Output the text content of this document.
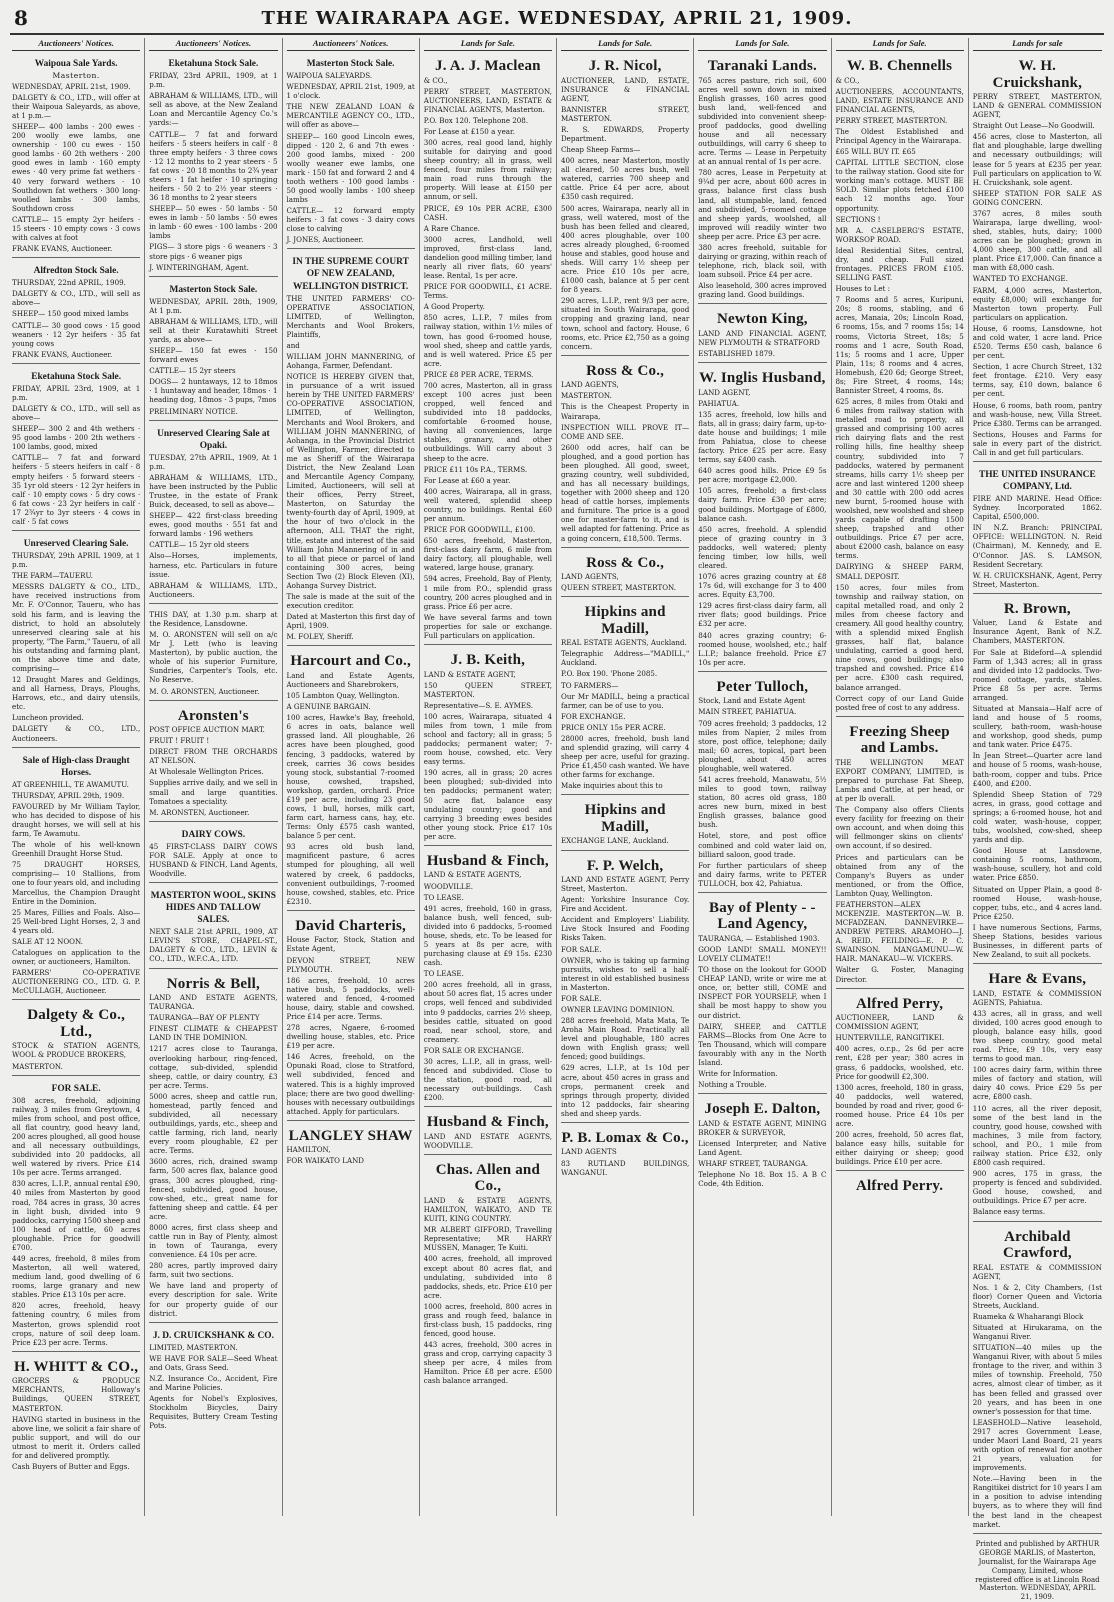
8	THE WAIRARAPA AGE. WEDNESDAY, APRIL 21, 1909.
Auctioneers' Notices.
Waipoua Sale Yards.
Masterton.
WEDNESDAY, APRIL 21st, 1909.
DALGETY & CO., LTD., will offer at their Waipoua Saleyards, as above, at 1 p.m.—
SHEEP— 400 lambs · 200 ewes · 200 woolly ewe lambs, one ownership · 100 cu ewes · 150 good lambs · 60 2th wethers · 200 good ewes in lamb · 160 empty ewes · 40 very prime fat wethers · 40 very forward wethers · 10 Southdown fat wethers · 300 long-woolled lambs · 300 lambs, Southdown cross
CATTLE— 15 empty 2yr heifers · 15 steers · 10 empty cows · 3 cows with calves at foot
FRANK EVANS, Auctioneer.
Alfredton Stock Sale.
THURSDAY, 22nd APRIL, 1909.
DALGETY & CO., LTD., will sell as above—
SHEEP— 150 good mixed lambs
CATTLE— 30 good cows · 15 good weaners · 12 2yr heifers · 35 fat young cows
FRANK EVANS, Auctioneer.
Eketahuna Stock Sale.
FRIDAY, APRIL 23rd, 1909, at 1 p.m.
DALGETY & CO., LTD., will sell as above—
SHEEP— 300 2 and 4th wethers · 95 good lambs · 200 2th wethers · 100 lambs, good, mixed
CATTLE— 7 fat and forward heifers · 5 steers heifers in calf · 8 empty heifers · 5 forward steers · 35 1yr old steers · 12 2yr heifers in calf · 10 empty cows · 5 dry cows · 6 fat cows · 23 2yr heifers in calf · 17 2¾yr to 3yr steers · 4 cows in calf · 5 fat cows
Unreserved Clearing Sale.
THURSDAY, 29th APRIL 1909, at 1 p.m.
THE FARM—TAUERU.
MESSRS DALGETY & CO., LTD., have received instructions from Mr. F. O'Connor, Taueru, who has sold his farm, and is leaving the district, to hold an absolutely unreserved clearing sale at his property, "The Farm," Taueru, of all his outstanding and farming plant, on the above time and date, comprising—
12 Draught Mares and Geldings, and all Harness, Drays, Ploughs, Harrows, etc., and dairy utensils, etc.
Luncheon provided.
DALGETY & CO., LTD., Auctioneers.
Sale of High-class Draught Horses.
AT GREENHILL, TE AWAMUTU.
THURSDAY, APRIL 29th, 1909.
FAVOURED by Mr William Taylor, who has decided to dispose of his draught horses, we will sell at his farm, Te Awamutu.
The whole of his well-known Greenhill Draught Horse Stud.
75 DRAUGHT HORSES, comprising— 10 Stallions, from one to four years old, and including Marcellus, the Champion Draught Entire in the Dominion.
25 Mares, Fillies and Foals. Also— 25 Well-bred Light Horses, 2, 3 and 4 years old.
SALE AT 12 NOON.
Catalogues on application to the owner, or auctioneers, Hamilton.
FARMERS' CO-OPERATIVE AUCTIONEERING CO., LTD. G. P. McCULLAGH, Auctioneer.
Dalgety & Co., Ltd.,
STOCK & STATION AGENTS, WOOL & PRODUCE BROKERS,
MASTERTON.
FOR SALE.
308 acres, freehold, adjoining railway, 3 miles from Greytown, 4 miles from school, and post office, all flat country, good heavy land, 200 acres ploughed, all good house and all necessary outbuildings, subdivided into 20 paddocks, all well watered by rivers. Price £14 10s per acre. Terms arranged.
830 acres, L.I.P., annual rental £90, 40 miles from Masterton by good road, 784 acres in grass, 30 acres in light bush, divided into 9 paddocks, carrying 1500 sheep and 100 head of cattle, 60 acres ploughable. Price for goodwill £700.
449 acres, freehold, 8 miles from Masterton, all well watered, medium land, good dwelling of 6 rooms, large granary and new stables. Price £13 10s per acre.
820 acres, freehold, heavy fattening country, 6 miles from Masterton, grows splendid root crops, nature of soil deep loam. Price £23 per acre. Terms.
H. WHITT & CO.,
GROCERS & PRODUCE MERCHANTS, Holloway's Buildings, QUEEN STREET, MASTERTON.
HAVING started in business in the above line, we solicit a fair share of public support, and will do our utmost to merit it. Orders called for and delivered promptly.
Cash Buyers of Butter and Eggs.
Auctioneers' Notices.
Eketahuna Stock Sale.
FRIDAY, 23rd APRIL, 1909, at 1 p.m.
ABRAHAM & WILLIAMS, LTD., will sell as above, at the New Zealand Loan and Mercantile Agency Co.'s yards:—
CATTLE— 7 fat and forward heifers · 5 steers heifers in calf · 8 three empty heifers · 3 three cows · 12 12 months to 2 year steers · 5 fat cows · 20 18 months to 2¾ year steers · 1 fat heifer · 10 springing heifers · 50 2 to 2½ year steers · 36 18 months to 2 year steers
SHEEP— 50 ewes · 50 lambs · 50 ewes in lamb · 50 lambs · 50 ewes in lamb · 60 ewes · 100 lambs · 200 lambs
PIGS— 3 store pigs · 6 weaners · 3 store pigs · 6 weaner pigs
J. WINTERINGHAM, Agent.
Masterton Stock Sale.
WEDNESDAY, APRIL 28th, 1909, At 1 p.m.
ABRAHAM & WILLIAMS, LTD., will sell at their Kuratawhiti Street yards, as above—
SHEEP— 150 fat ewes · 150 forward ewes
CATTLE— 15 2yr steers
DOGS— 2 huntaways, 12 to 18mos · 1 huntaway and header, 18mos · 1 heading dog, 18mos · 3 pups, 7mos
PRELIMINARY NOTICE.
Unreserved Clearing Sale at Opaki.
TUESDAY, 27th APRIL, 1909, At 1 p.m.
ABRAHAM & WILLIAMS, LTD., have been instructed by the Public Trustee, in the estate of Frank Buick, deceased, to sell as above—
SHEEP— 422 first-class breeding ewes, good mouths · 551 fat and forward lambs · 196 wethers
CATTLE— 15 2yr old steers
Also—Horses, implements, harness, etc. Particulars in future issue.
ABRAHAM & WILLIAMS, LTD., Auctioneers.
THIS DAY, at 1.30 p.m. sharp at the Residence, Lansdowne.
M. O. ARONSTEN will sell on a/c Mr J. Lett (who is leaving Masterton), by public auction, the whole of his superior Furniture, Sundries, Carpenter's Tools, etc. No Reserve.
M. O. ARONSTEN, Auctioneer.
Aronsten's
POST OFFICE AUCTION MART.
FRUIT ! FRUIT !
DIRECT FROM THE ORCHARDS AT NELSON.
At Wholesale Wellington Prices.
Supplies arrive daily, and we sell in small and large quantities. Tomatoes a speciality.
M. ARONSTEN, Auctioneer.
DAIRY COWS.
45 FIRST-CLASS DAIRY COWS FOR SALE. Apply at once to HUSBAND & FINCH, Land Agents, Woodville.
MASTERTON WOOL, SKINS HIDES AND TALLOW SALES.
NEXT SALE 21st APRIL, 1909, AT LEVIN'S STORE, CHAPEL-ST., DALGETY & CO., LTD., LEVIN & CO., LTD., W.F.C.A., LTD.
Norris & Bell,
LAND AND ESTATE AGENTS, TAURANGA.
TAURANGA—BAY OF PLENTY
FINEST CLIMATE & CHEAPEST LAND IN THE DOMINION.
1217 acres close to Tauranga, overlooking harbour, ring-fenced, cottage, sub-divided, splendid sheep, cattle, or dairy country, £3 per acre. Terms.
5000 acres, sheep and cattle run, homestead, partly fenced and subdivided, all necessary outbuildings, yards, etc., sheep and cattle farming, rich land, nearly every room ploughable, £2 per acre. Terms.
3600 acres, rich, drained swamp farm, 500 acres flax, balance good grass, 300 acres ploughed, ring-fenced, subdivided, good house, cow-shed, etc., great name for fattening sheep and cattle. £4 per acre.
8000 acres, first class sheep and cattle run in Bay of Plenty, almost in town of Tauranga, every convenience. £4 10s per acre.
280 acres, partly improved dairy farm, suit two sections.
We have land and property of every description for sale. Write for our property guide of our district.
J. D. CRUICKSHANK & CO.
LIMITED, MASTERTON.
WE HAVE FOR SALE—Seed Wheat and Oats, Grass Seed.
N.Z. Insurance Co., Accident, Fire and Marine Policies.
Agents for Nobel's Explosives, Stockholm Bicycles, Dairy Requisites, Buttery Cream Testing Pots.
Auctioneers' Notices.
Masterton Stock Sale.
WAIPOUA SALEYARDS.
WEDNESDAY, APRIL 21st, 1909, at 1 o'clock.
THE NEW ZEALAND LOAN & MERCANTILE AGENCY CO., LTD., will offer as above—
SHEEP— 160 good Lincoln ewes, dipped · 120 2, 6 and 7th ewes · 200 good lambs, mixed · 200 woolly weaner ewe lambs, one mark · 150 fat and forward 2 and 4 tooth wethers · 100 good lambs · 50 good woolly lambs · 100 sheep lambs
CATTLE— 12 forward empty heifers · 3 fat cows · 3 dairy cows close to calving
J. JONES, Auctioneer.
IN THE SUPREME COURT OF NEW ZEALAND, WELLINGTON DISTRICT.
THE UNITED FARMERS' CO-OPERATIVE ASSOCIATION, LIMITED, of Wellington, Merchants and Wool Brokers, Plaintiffs,
and
WILLIAM JOHN MANNERING, of Aohanga, Farmer, Defendant.
NOTICE IS HEREBY GIVEN that, in pursuance of a writ issued herein by THE UNITED FARMERS' CO-OPERATIVE ASSOCIATION, LIMITED, of Wellington, Merchants and Wool Brokers, and WILLIAM JOHN MANNERING, of Aohanga, in the Provincial District of Wellington, Farmer, directed to me as Sheriff of the Wairarapa District, the New Zealand Loan and Mercantile Agency Company, Limited, Auctioneers, will sell at their offices, Perry Street, Masterton, on Saturday the twenty-fourth day of April, 1909, at the hour of two o'clock in the afternoon, ALL THAT the right, title, estate and interest of the said William John Mannering of in and to all that piece or parcel of land containing 300 acres, being Section Two (2) Block Eleven (XI), Aohanga Survey District.
The sale is made at the suit of the execution creditor.
Dated at Masterton this first day of April, 1909.
M. FOLEY, Sheriff.
Harcourt and Co.,
Land and Estate Agents, Auctioneers and Sharebrokers,
105 Lambton Quay, Wellington.
A GENUINE BARGAIN.
100 acres, Hawke's Bay, freehold, 6 acres in oats, balance well grassed land. All ploughable, 26 acres have been ploughed, good fencing, 3 paddocks, watered by creek, carries 36 cows besides young stock, substantial 7-roomed house, cowshed, trapshed, workshop, garden, orchard. Price £19 per acre, including 23 good cows, 1 bull, horses, milk cart, farm cart, harness cans, hay, etc. Terms: Only £575 cash wanted, balance 5 per cent.
93 acres old bush land, magnificent pasture, 6 acres stumped for ploughing, all well watered by creek, 6 paddocks, convenient outbuildings, 7-roomed house, cowshed, stables, etc. Price £2310.
David Charteris,
House Factor, Stock, Station and Estate Agent,
DEVON STREET, NEW PLYMOUTH.
186 acres, freehold, 10 acres native bush, 5 paddocks, well-watered and fenced, 4-roomed house, dairy, stable and cowshed. Price £14 per acre. Terms.
278 acres, Ngaere, 6-roomed dwelling house, stables, etc. Price £19 per acre.
146 Acres, freehold, on the Opunaki Road, close to Stratford, well subdivided, fenced and watered. This is a highly improved place; there are two good dwelling-houses with necessary outbuildings attached. Apply for particulars.
LANGLEY SHAW
HAMILTON,
FOR WAIKATO LAND
Lands for Sale.
J. A. J. Maclean
& CO.,
PERRY STREET, MASTERTON, AUCTIONEERS, LAND, ESTATE & FINANCIAL AGENTS, Masterton.
P.O. Box 120. Telephone 208.
For Lease at £150 a year.
300 acres, real good land, highly suitable for dairying and good sheep country; all in grass, well fenced, four miles from railway; main road runs through the property. Will lease at £150 per annum, or sell.
PRICE, £9 10s PER ACRE, £300 CASH.
A Rare Chance.
3000 acres, Landhold, well improved, first-class land, dandelion good milling timber, land nearly all river flats, 60 years' lease. Rental, 1s per acre.
PRICE FOR GOODWILL, £1 ACRE. Terms.
A Good Property.
850 acres, L.I.P., 7 miles from railway station, within 1½ miles of town, has good 6-roomed house, wool shed, sheep and cattle yards, and is well watered. Price £5 per acre.
PRICE £8 PER ACRE, TERMS.
700 acres, Masterton, all in grass except 100 acres just been cropped, well fenced and subdivided into 18 paddocks, comfortable 6-roomed house, having all conveniences, large stables, granary, and other outbuildings. Will carry about 3 sheep to the acre.
PRICE £11 10s P.A., TERMS.
For Lease at £60 a year.
400 acres, Wairarapa, all in grass, well watered, splendid sheep country, no buildings. Rental £60 per annum.
PRICE FOR GOODWILL, £100.
650 acres, freehold, Masterton, first-class dairy farm, 6 mile from dairy factory, all ploughable, well watered, large house, granary.
594 acres, Freehold, Bay of Plenty, 1 mile from P.O., splendid grass country, 200 acres ploughed and in grass. Price £6 per acre.
We have several farms and town properties for sale or exchange. Full particulars on application.
J. B. Keith,
LAND & ESTATE AGENT,
150 QUEEN STREET, MASTERTON.
Representative—S. E. AYMES.
100 acres, Wairarapa, situated 4 miles from town, 1 mile from school and factory; all in grass; 5 paddocks; permanent water; 7-room house, cowshed, etc. Very easy terms.
190 acres, all in grass; 20 acres been ploughed; sub-divided into ten paddocks; permanent water; 50 acre flat, balance easy undulating country; good and carrying 3 breeding ewes besides other young stock. Price £17 10s per acre.
Husband & Finch,
LAND & ESTATE AGENTS,
WOODVILLE.
TO LEASE.
491 acres, freehold, 160 in grass, balance bush, well fenced, sub-divided into 6 paddocks, 5-roomed house, sheds, etc. To be leased for 5 years at 8s per acre, with purchasing clause at £9 15s. £230 cash.
TO LEASE.
200 acres freehold, all in grass, about 50 acres flat, 15 acres under crops, well fenced and subdivided into 9 paddocks, carries 2½ sheep, besides cattle, situated on good road, near school, store, and creamery.
FOR SALE OR EXCHANGE.
30 acres, L.I.P., all in grass, well-fenced and subdivided. Close to the station, good road, all necessary out-buildings. Cash £200.
Husband & Finch,
LAND AND ESTATE AGENTS, WOODVILLE.
Chas. Allen and Co.,
LAND & ESTATE AGENTS, HAMILTON, WAIKATO, AND TE KUITI, KING COUNTRY.
MR ALBERT GIFFORD, Travelling Representative; MR HARRY MUSSEN, Manager, Te Kuiti.
400 acres, freehold, all improved except about 80 acres flat, and undulating, subdivided into 8 paddocks, sheds, etc. Price £10 per acre.
1000 acres, freehold, 800 acres in grass and rough feed, balance in first-class bush, 15 paddocks, ring fenced, good house.
443 acres, freehold, 300 acres in grass and crop, carrying capacity 3 sheep per acre, 4 miles from Hamilton. Price £8 per acre. £500 cash balance arranged.
Lands for Sale.
J. R. Nicol,
AUCTIONEER, LAND, ESTATE, INSURANCE & FINANCIAL AGENT,
BANNISTER STREET, MASTERTON.
R. S. EDWARDS, Property Department.
Cheap Sheep Farms—
400 acres, near Masterton, mostly all cleared, 50 acres bush, well watered, carries 700 sheep and cattle. Price £4 per acre, about £350 cash required.
500 acres, Wairarapa, nearly all in grass, well watered, most of the bush has been felled and cleared, 400 acres ploughable, over 100 acres already ploughed, 6-roomed house and stables, good house and sheds. Will carry 1½ sheep per acre. Price £10 10s per acre, £1000 cash, balance at 5 per cent for 8 years.
290 acres, L.I.P., rent 9/3 per acre, situated in South Wairarapa, good cropping and grazing land, near town, school and factory. House, 6 rooms, etc. Price £2,750 as a going concern.
Ross & Co.,
LAND AGENTS,
MASTERTON.
This is the Cheapest Property in Wairarapa,
INSPECTION WILL PROVE IT—COME AND SEE.
2600 odd acres, half can be ploughed, and a good portion has been ploughed. All good, sweet, grazing country, well subdivided, and has all necessary buildings, together with 2000 sheep and 120 head of cattle horses, implements and furniture. The price is a good one for master-farm to it, and is well adapted for fattening. Price as a going concern, £18,500. Terms.
Ross & Co.,
LAND AGENTS,
QUEEN STREET, MASTERTON.
Hipkins and Madill,
REAL ESTATE AGENTS, Auckland.
Telegraphic Address—"MADILL," Auckland.
P.O. Box 190. 'Phone 2085.
TO FARMERS—
Our Mr MADILL, being a practical farmer, can be of use to you.
FOR EXCHANGE.
PRICE ONLY 15s PER ACRE.
28000 acres, freehold, bush land and splendid grazing, will carry 4 sheep per acre, useful for grazing. Price £1,450 cash wanted. We have other farms for exchange.
Make inquiries about this to
Hipkins and Madill,
EXCHANGE LANE, Auckland.
F. P. Welch,
LAND AND ESTATE AGENT, Perry Street, Masterton.
Agent: Yorkshire Insurance Coy. Fire and Accident.
Accident and Employers' Liability. Live Stock Insured and Fooding Risks Taken.
FOR SALE.
OWNER, who is taking up farming pursuits, wishes to sell a half-interest in old established business in Masterton.
FOR SALE.
OWNER LEAVING DOMINION.
288 acres freehold, Mata Mata, Te Aroha Main Road. Practically all level and ploughable, 180 acres down with English grass; well fenced; good buildings.
629 acres, L.I.P., at 1s 10d per acre, about 450 acres in grass and crops, permanent creek and springs through property, divided into 12 paddocks, fair shearing shed and sheep yards.
P. B. Lomax & Co.,
LAND AGENTS
83 RUTLAND BUILDINGS, WANGANUI.
Lands for Sale.
Taranaki Lands.
765 acres pasture, rich soil, 600 acres well sown down in mixed English grasses, 160 acres good bush land, well-fenced and subdivided into convenient sheep-proof paddocks, good dwelling house and all necessary outbuildings, will carry 6 sheep to acre. Terms — Lease in Perpetuity at an annual rental of 1s per acre.
780 acres, Lease in Perpetuity at 9¼d per acre, about 600 acres in grass, balance first class bush land, all stumpable, land, fenced and subdivided, 5-roomed cottage and sheep yards, woolshed, all improved will readily winter two sheep per acre. Price £3 per acre.
380 acres freehold, suitable for dairying or grazing, within reach of telephone, rich, black soil, with loam subsoil. Price £4 per acre.
Also leasehold, 300 acres improved grazing land. Good buildings.
Newton King,
LAND AND FINANCIAL AGENT, NEW PLYMOUTH & STRATFORD
ESTABLISHED 1879.
W. Inglis Husband,
LAND AGENT,
PAHIATUA.
135 acres, freehold, low hills and flats, all in grass; dairy farm, up-to-date house and buildings; 1 mile from Pahiatua, close to cheese factory. Price £25 per acre. Easy terms, say £400 cash.
640 acres good hills. Price £9 5s per acre; mortgage £2,000.
105 acres, freehold; a first-class dairy farm. Price £30 per acre; good buildings. Mortgage of £800, balance cash.
450 acres, freehold. A splendid piece of grazing country in 3 paddocks, well watered; plenty fencing timber, low hills, well cleared.
1076 acres grazing country at £8 17s 6d, will exchange for 3 to 400 acres. Equity £3,700.
129 acres first-class dairy farm, all river flats; good buildings. Price £32 per acre.
840 acres grazing country; 6-roomed house, woolshed, etc.; half L.I.P.; balance freehold. Price £7 10s per acre.
Peter Tulloch,
Stock, Land and Estate Agent
MAIN STREET, PAHIATUA.
709 acres freehold; 3 paddocks, 12 miles from Napier, 2 miles from store, post office, telephone; daily mail; 60 acres, topical, part been ploughed, about 450 acres ploughable, well watered.
541 acres freehold, Manawatu, 5½ miles to good town, railway station, 80 acres old grass, 180 acres new burn, mixed in best English grasses, balance good bush.
Hotel, store, and post office combined and cold water laid on, billiard saloon, good trade.
For further particulars of sheep and dairy farms, write to PETER TULLOCH, box 42, Pahiatua.
Bay of Plenty - - Land Agency,
TAURANGA, — Established 1903.
GOOD LAND! SMALL MONEY!! LOVELY CLIMATE!!
TO those on the lookout for GOOD CHEAP LAND, write or wire me at once, or, better still, COME and INSPECT FOR YOURSELF, when I shall be most happy to show you our district.
DAIRY, SHEEP, and CATTLE FARMS—Blocks from One Acre to Ten Thousand, which will compare favourably with any in the North Island.
Write for Information.
Nothing a Trouble.
Joseph E. Dalton,
LAND & ESTATE AGENT, MINING BROKER & SURVEYOR,
Licensed Interpreter, and Native Land Agent.
WHARF STREET, TAURANGA.
Telephone No 18. Box 15. A B C Code, 4th Edition.
Lands for Sale.
W. B. Chennells
& CO.,
AUCTIONEERS, ACCOUNTANTS, LAND, ESTATE INSURANCE AND FINANCIAL AGENTS,
PERRY STREET, MASTERTON.
The Oldest Established and Principal Agency in the Wairarapa.
£65 WILL BUY IT. £65
CAPITAL LITTLE SECTION, close to the railway station. Good site for working man's cottage. MUST BE SOLD. Similar plots fetched £100 each 12 months ago. Your opportunity.
SECTIONS !
MR A. CASELBERG'S ESTATE, WORKSOP ROAD.
Ideal Residential Sites, central, dry, and cheap. Full sized frontages. PRICES FROM £105. SELLING FAST.
Houses to Let :
7 Rooms and 5 acres, Kuripuni, 20s; 8 rooms, stabling, and 6 acres, Manaia, 20s; Lincoln Road, 6 rooms, 15s, and 7 rooms 15s; 14 rooms, Victoria Street, 18s; 5 rooms and 1 acre, South Road, 11s; 5 rooms and 1 acre, Upper Plain, 11s; 8 rooms and 4 acres, Homebush, £20 6d; George Street, 8s; Fire Street, 4 rooms, 14s; Bannister Street, 4 rooms, 8s.
625 acres, 8 miles from Otaki and 6 miles from railway station with metalled road to property, all grassed and comprising 100 acres rich dairying flats and the rest rolling hills, fine healthy sheep country, subdivided into 7 paddocks, watered by permanent streams, hills carry 1½ sheep per acre and last wintered 1200 sheep and 30 cattle with 200 odd acres new burnt, 5-roomed house with woolshed, new woolshed and sheep yards capable of drafting 1500 sheep, trapshed and other outbuildings. Price £7 per acre, about £2000 cash, balance on easy terms.
DAIRYING & SHEEP FARM, SMALL DEPOSIT.
150 acres, four miles from township and railway station, on capital metalled road, and only 2 miles from cheese factory and creamery. All good healthy country, with a splendid mixed English grasses, half flat, balance undulating, carried a good herd, nine cows, good buildings; also trapshed and cowshed. Price £14 per acre. £300 cash required, balance arranged.
Correct copy of our Land Guide posted free of cost to any address.
Freezing Sheep and Lambs.
THE WELLINGTON MEAT EXPORT COMPANY, LIMITED, is prepared to purchase Fat Sheep, Lambs and Cattle, at per head, or at per lb overall.
The Company also offers Clients every facility for freezing on their own account, and when doing this will fellmonger skins on clients' own account, if so desired.
Prices and particulars can be obtained from any of the Company's Buyers as under mentioned, or from the Office, Lambton Quay, Wellington.
FEATHERSTON—ALEX MCKENZIE. MASTERTON—W. B. MCFADZEAN. DANNEVIRKE—ANDREW PETERS. ARAMOHO—J. A. REID. FEILDING—E. P. C. SWAINSON. MANGAMUNU—W. HAIR. MANAKAU—W. VICKERS.
Walter G. Foster, Managing Director.
Alfred Perry,
AUCTIONEER, LAND & COMMISSION AGENT,
HUNTERVILLE, RANGITIKEI.
400 acres, o.r.p., 2s 6d per acre rent, £28 per year; 380 acres in grass, 6 paddocks, woolshed, etc. Price for goodwill £2,300.
1300 acres, freehold, 180 in grass, 40 paddocks, well watered, bounded by road and river, good 6-roomed house. Price £4 10s per acre.
200 acres, freehold, 50 acres flat, balance easy hills, suitable for either dairying or sheep; good buildings. Price £10 per acre.
Alfred Perry.
Lands for sale
W. H. Cruickshank,
PERRY STREET, MASTERTON, LAND & GENERAL COMMISSION AGENT,
Straight Out Lease—No Goodwill.
456 acres, close to Masterton, all flat and ploughable, large dwelling and necessary outbuildings; will lease for 5 years at £235 per year. Full particulars on application to W. H. Cruickshank, sole agent.
SHEEP STATION FOR SALE AS GOING CONCERN.
3767 acres, 8 miles south Wairarapa, large dwelling, wool-shed, stables, huts, dairy; 1000 acres can be ploughed; grown in 4,000 sheep, 300 cattle, and all plant. Price £17,000. Can finance a man with £8,000 cash.
WANTED TO EXCHANGE.
FARM, 4,000 acres, Masterton, equity £8,000; will exchange for Masterton town property. Full particulars on application.
House, 6 rooms, Lansdowne, hot and cold water, 1 acre land. Price £520. Terms £50 cash, balance 6 per cent.
Section, 1 acre Church Street, 132 feet frontage. £210. Very easy terms, say, £10 down, balance 6 per cent.
House, 6 rooms, bath room, pantry and wash-house, new, Villa Street. Price £380. Terms can be arranged.
Sections, Houses and Farms for sale in every part of the district. Call in and get full particulars.
THE UNITED INSURANCE COMPANY, Ltd.
FIRE AND MARINE. Head Office: Sydney. Incorporated 1862. Capital, £500,000.
IN N.Z. Branch: PRINCIPAL OFFICE: WELLINGTON. N. Reid (Chairman), M. Kennedy, and E. O'Connor. JAS. S. LAMSON, Resident Secretary.
W. H. CRUICKSHANK, Agent, Perry Street, Masterton.
R. Brown,
Valuer, Land & Estate and Insurance Agent, Bank of N.Z. Chambers, MASTERTON.
For Sale at Bideford—A splendid Farm of 1,343 acres; all in grass and divided into 12 paddocks. Two-roomed cottage, yards, stables. Price £8 5s per acre. Terms arranged.
Situated at Mansaia—Half acre of land and house of 5 rooms, scullery, bath-room, wash-house and workshop, good sheds, pump and tank water. Price £475.
In Jean Street—Quarter acre land and house of 5 rooms, wash-house, bath-room, copper and tubs. Price £400, and £200.
Splendid Sheep Station of 729 acres, in grass, good cottage and springs; a 6-roomed house, hot and cold water, wash-house, copper, tubs, woolshed, cow-shed, sheep yards and dip.
Good House at Lansdowne, containing 5 rooms, bathroom, wash-house, scullery, hot and cold water. Price £850.
Situated on Upper Plain, a good 8-roomed House, wash-house, copper, tubs, etc., and 4 acres land. Price £250.
I have numerous Sections, Farms, Sheep Stations, besides various Businesses, in different parts of New Zealand, to suit all pockets.
Hare & Evans,
LAND, ESTATE & COMMISSION AGENTS, Pahiatua.
433 acres, all in grass, and well divided, 100 acres good enough to plough, balance easy hills, good two sheep country, good metal road. Price, £9 10s, very easy terms to good man.
100 acres dairy farm, within three miles of factory and station, will dairy 40 cows. Price £29 5s per acre, £800 cash.
110 acres, all the river deposit, some of the best land in the country, good house, cowshed with machines, 3 mile from factory, school, and P.O., 1 mile from railway station. Price £32, only £800 cash required.
900 acres, 175 in grass, the property is fenced and subdivided. Good house, cowshed, and outbuildings. Price £7 per acre.
Balance easy terms.
Archibald Crawford,
REAL ESTATE & COMMISSION AGENT,
Nos. 1 & 2, City Chambers, (1st floor) Corner Queen and Victoria Streets, Auckland.
Ruameka & Whaharangi Block
Situated at Hirukarama, on the Wanganui River.
SITUATION—40 miles up the Wanganui River, with about 5 miles frontage to the river, and within 3 miles of township. Freehold, 750 acres, almost clear of timber, as it has been felled and grassed over 20 years, and has been in one owner's possession for that time.
LEASEHOLD—Native leasehold, 2917 acres Government Lease, under Maori Land Board, 21 years with option of renewal for another 21 years, valuation for improvements.
Note.—Having been in the Rangitikei district for 10 years I am in a position to advise intending buyers, as to where they will find the best land in the cheapest market.
Printed and published by ARTHUR GEORGE MARLIS, of Masterton, Journalist, for the Wairarapa Age Company, Limited, whose registered office is at Lincoln Road Masterton. WEDNESDAY, APRIL 21, 1909.
